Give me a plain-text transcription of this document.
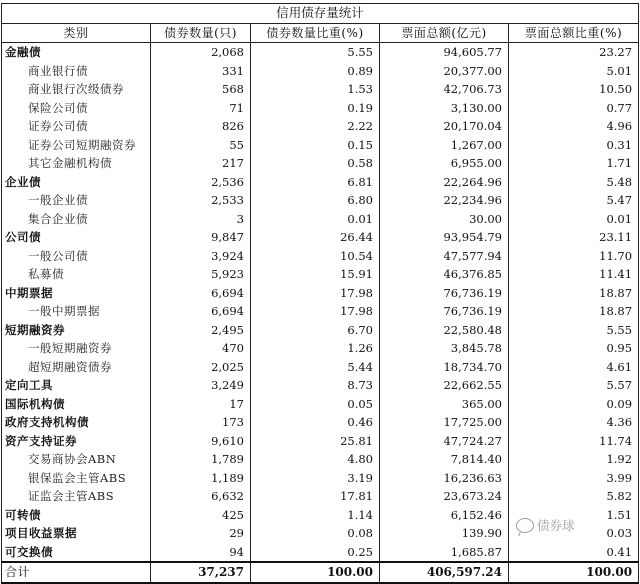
信用债存量统计				
类别	债券数量(只)	债券数量比重(%)	票面总额(亿元)	票面总额比重(%)
金融债	2,068	5.55	94,605.77	23.27
商业银行债	331	0.89	20,377.00	5.01
商业银行次级债券	568	1.53	42,706.73	10.50
保险公司债	71	0.19	3,130.00	0.77
证券公司债	826	2.22	20,170.04	4.96
证券公司短期融资券	55	0.15	1,267.00	0.31
其它金融机构债	217	0.58	6,955.00	1.71
企业债	2,536	6.81	22,264.96	5.48
一般企业债	2,533	6.80	22,234.96	5.47
集合企业债	3	0.01	30.00	0.01
公司债	9,847	26.44	93,954.79	23.11
一般公司债	3,924	10.54	47,577.94	11.70
私募债	5,923	15.91	46,376.85	11.41
中期票据	6,694	17.98	76,736.19	18.87
一般中期票据	6,694	17.98	76,736.19	18.87
短期融资券	2,495	6.70	22,580.48	5.55
一般短期融资券	470	1.26	3,845.78	0.95
超短期融资债券	2,025	5.44	18,734.70	4.61
定向工具	3,249	8.73	22,662.55	5.57
国际机构债	17	0.05	365.00	0.09
政府支持机构债	173	0.46	17,725.00	4.36
资产支持证券	9,610	25.81	47,724.27	11.74
交易商协会ABN	1,789	4.80	7,814.40	1.92
银保监会主管ABS	1,189	3.19	16,236.63	3.99
证监会主管ABS	6,632	17.81	23,673.24	5.82
可转债	425	1.14	6,152.46	1.51
项目收益票据	29	0.08	139.90	0.03
可交换债	94	0.25	1,685.87	0.41
合计	37,237	100.00	406,597.24	100.00
债券球
